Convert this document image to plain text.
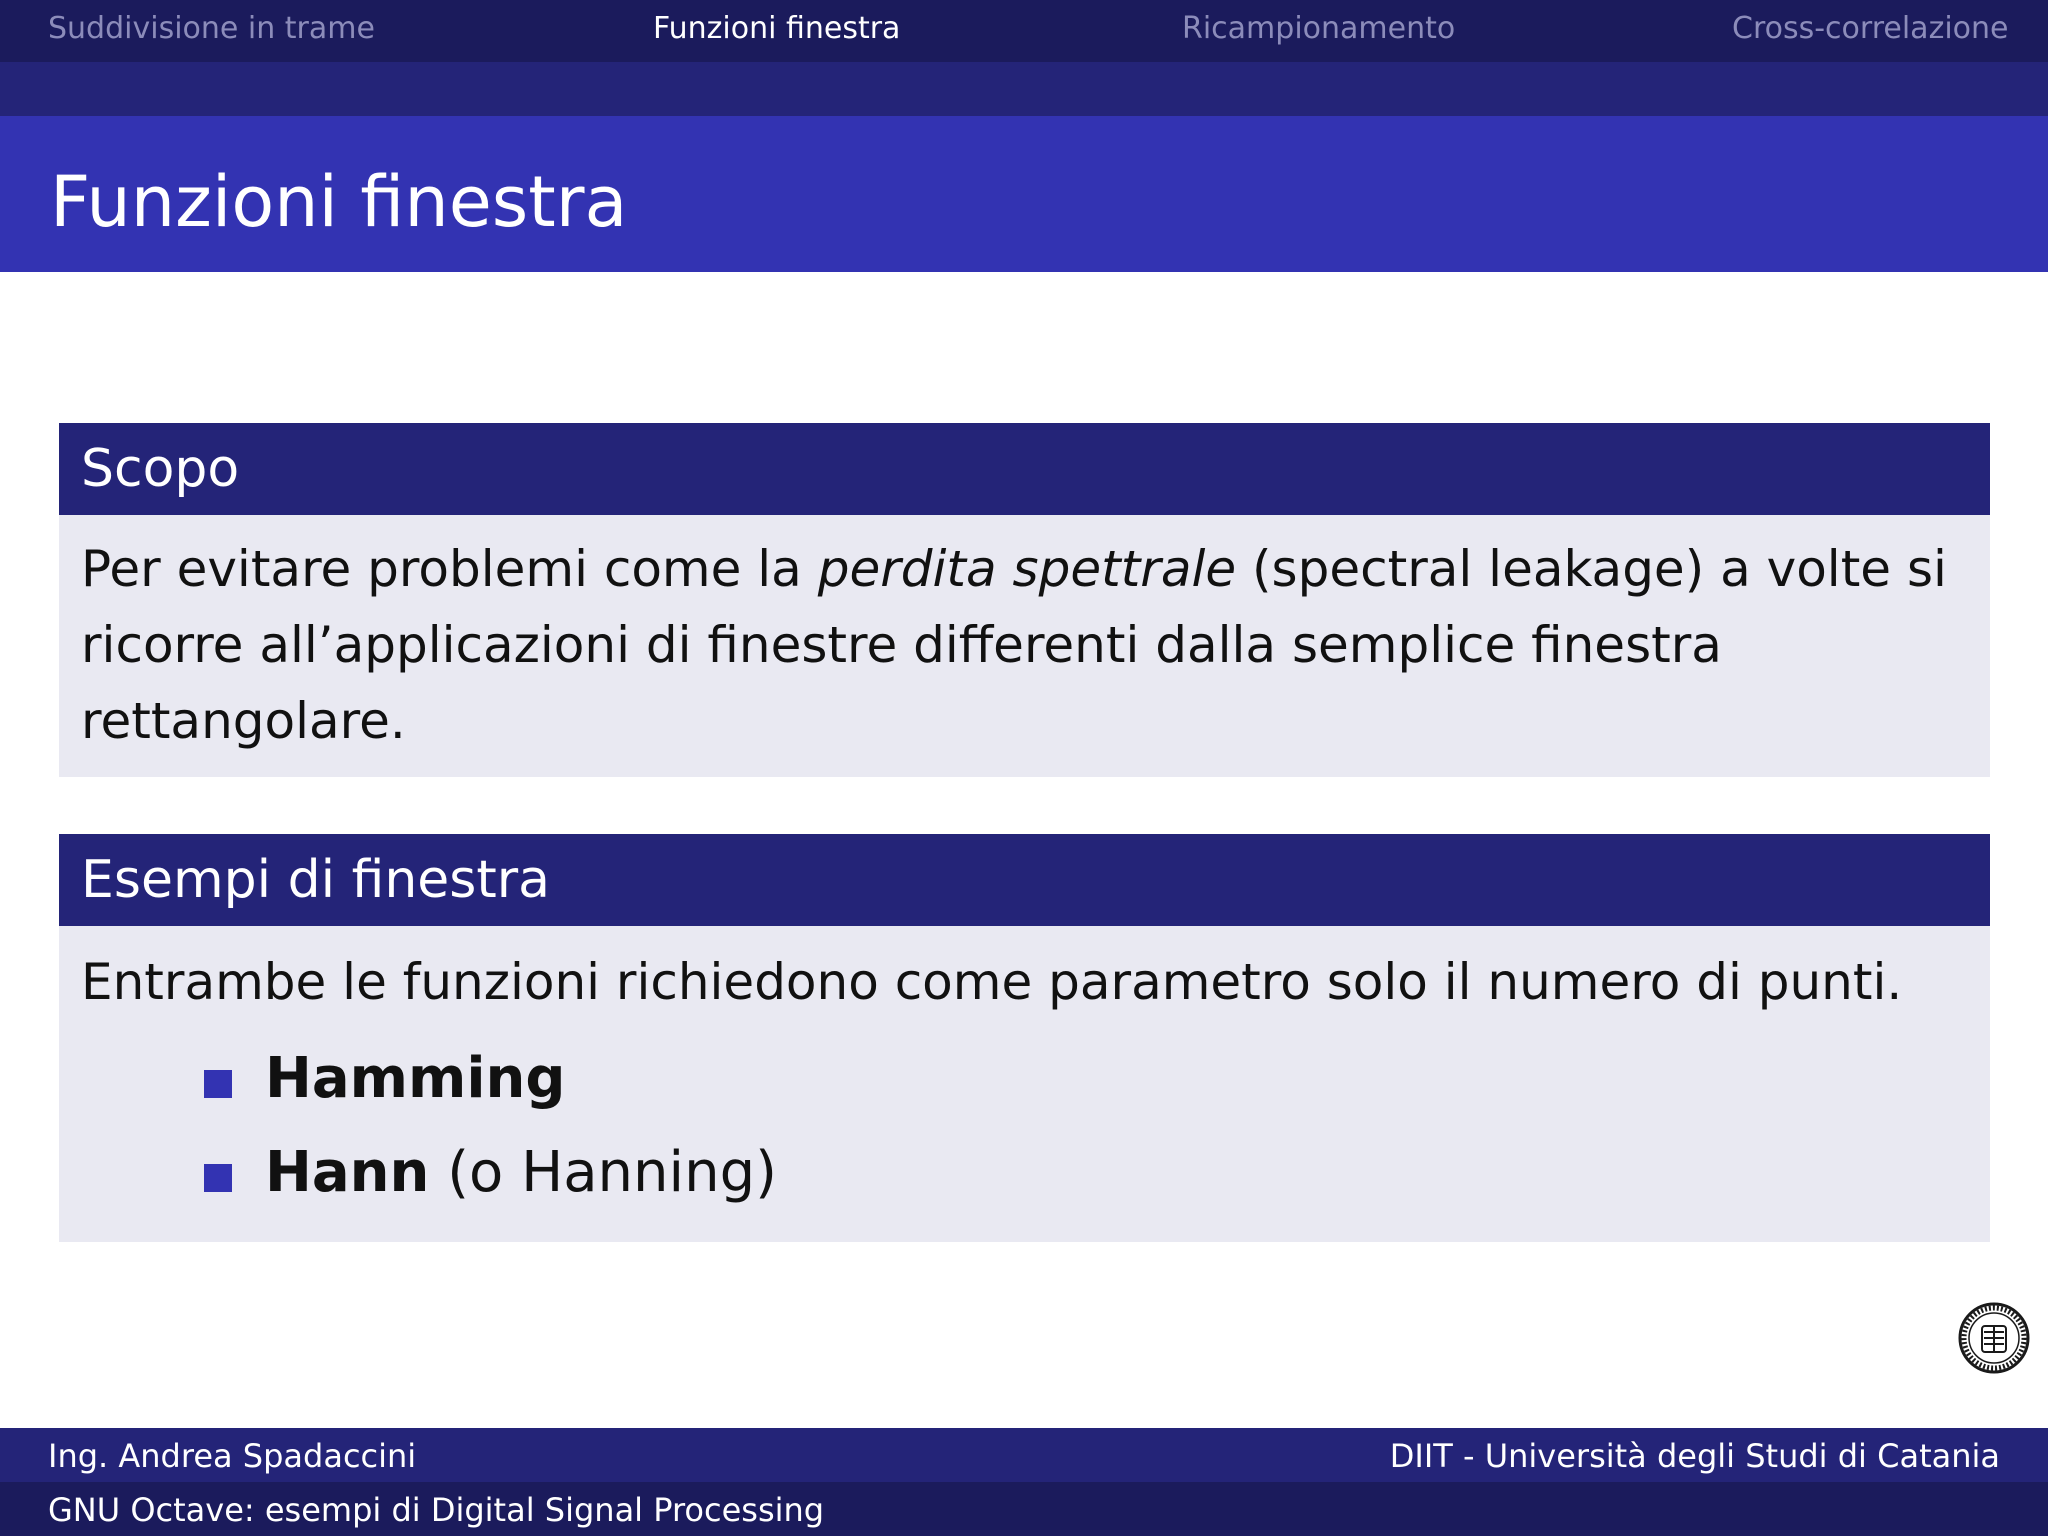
Suddivisione in trame	Funzioni finestra	Ricampionamento	Cross-correlazione
Funzioni finestra
Scopo

Per evitare problemi come la perdita spettrale (spectral leakage) a volte si ricorre all’applicazioni di finestre differenti dalla semplice finestra rettangolare.

Esempi di finestra

Entrambe le funzioni richiedono come parametro solo il numero di punti.

Hamming

Hann (o Hanning)

Ing. Andrea Spadaccini	DIIT - Università degli Studi di Catania
GNU Octave: esempi di Digital Signal Processing
